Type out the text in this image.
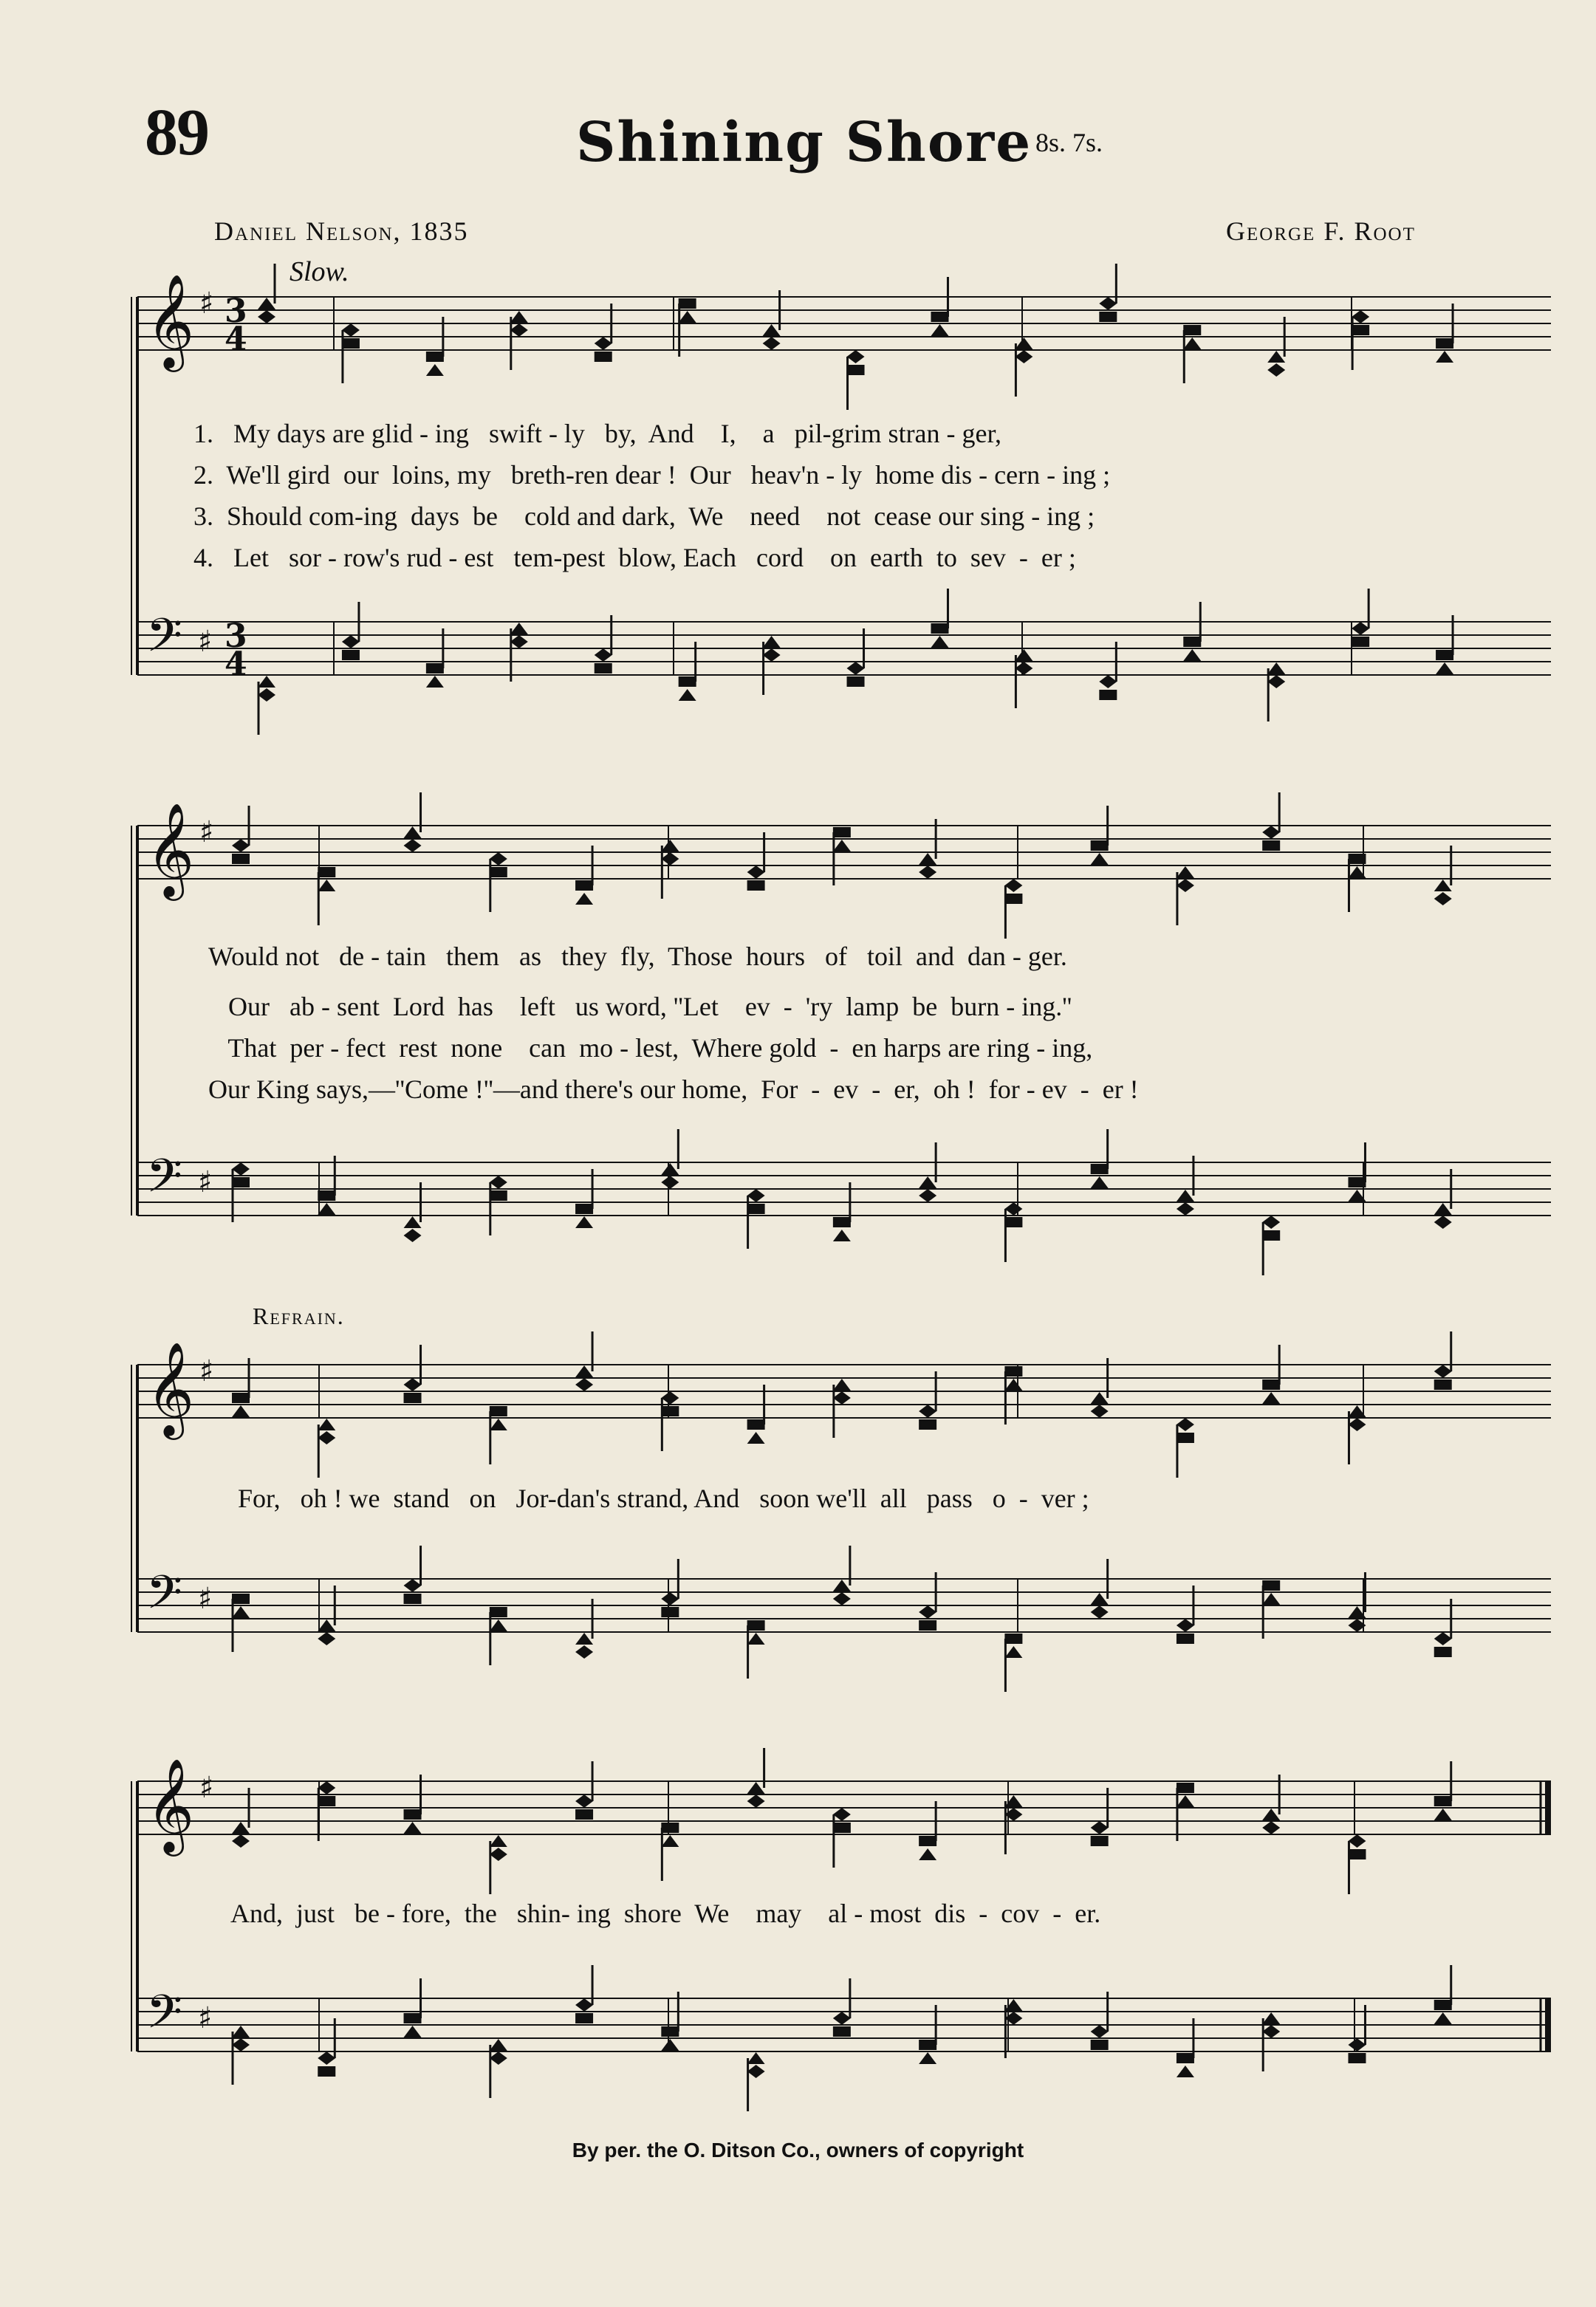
89	Shining Shore 8s. 7s.
Daniel Nelson, 1835	George F. Root
Slow.
Refrain.
𝄞 ♯ 3
4
𝄢 ♯ 3
4
𝄞 ♯
𝄢 ♯
𝄞 ♯
𝄢 ♯
𝄞 ♯
𝄢 ♯
1.   My days are glid - ing   swift - ly   by,  And    I,    a   pil-grim stran - ger,
2.  We'll gird  our  loins, my   breth-ren dear !  Our   heav'n - ly  home dis - cern - ing ;
3.  Should com-ing  days  be    cold and dark,  We    need    not  cease our sing - ing ;
4.   Let   sor - row's rud - est   tem-pest  blow, Each   cord    on  earth  to  sev  -  er ;
Would not   de - tain   them   as   they  fly,  Those  hours   of   toil  and  dan - ger.
Our   ab - sent  Lord  has    left   us word, ''Let    ev  -  'ry  lamp  be  burn - ing.''
That  per - fect  rest  none    can  mo - lest,  Where gold  -  en harps are ring - ing,
Our King says,—''Come !''—and there's our home,  For  -  ev  -  er,  oh !  for - ev  -  er !
For,   oh ! we  stand   on   Jor-dan's strand, And   soon we'll  all   pass   o  -  ver ;
And,  just   be - fore,  the   shin- ing  shore  We    may    al - most  dis  -  cov  -  er.
By per. the O. Ditson Co., owners of copyright
